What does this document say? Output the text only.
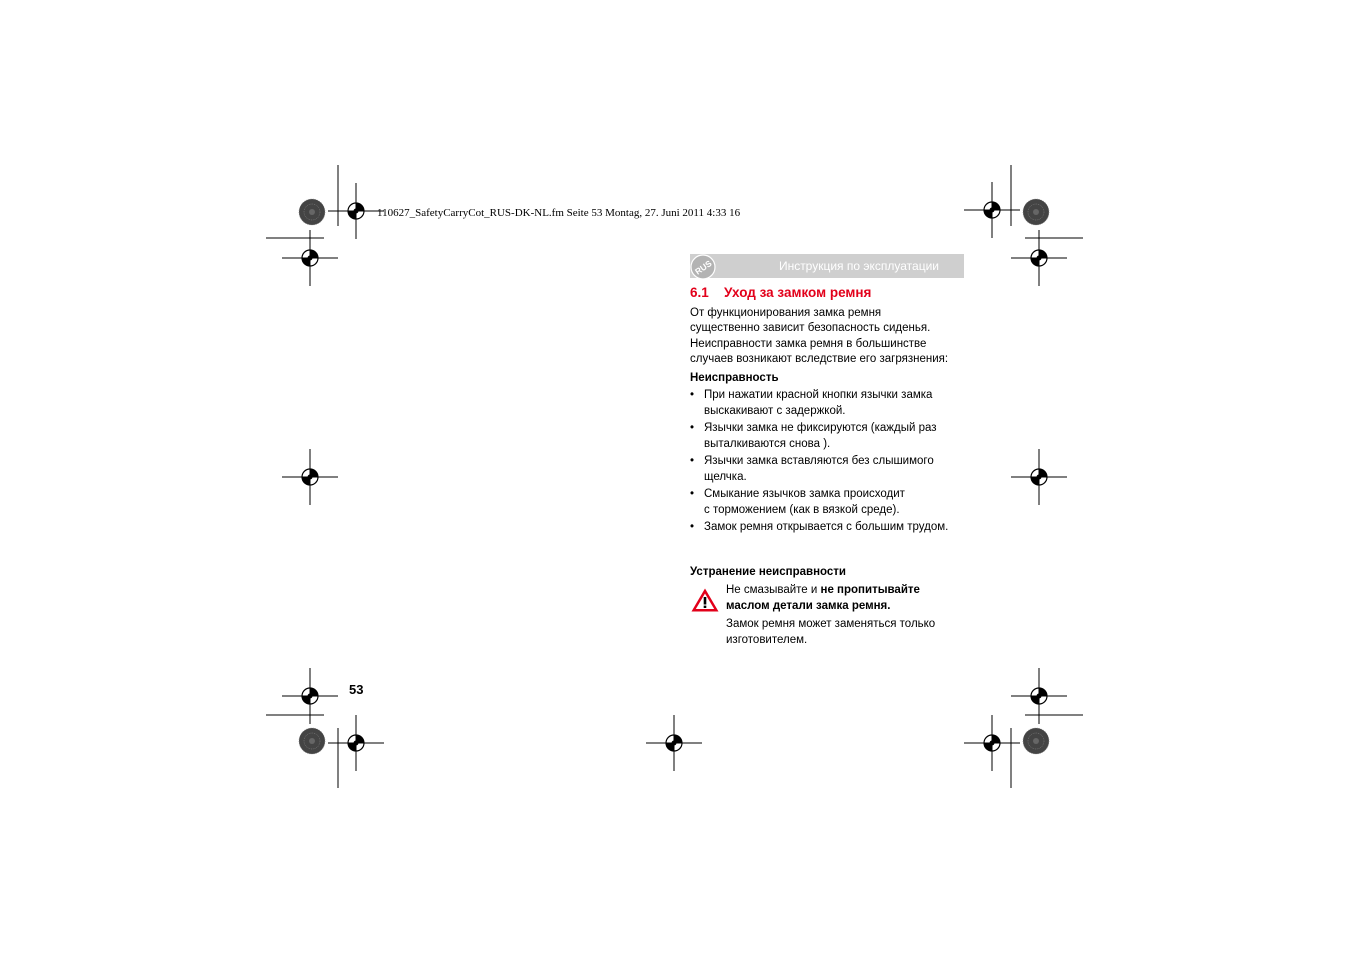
110627_SafetyCarryCot_RUS-DK-NL.fm Seite 53 Montag, 27. Juni 2011 4:33 16
Инструкция по эксплуатации
RUS
6.1 Уход за замком ремня

От функционирования замка ремня
существенно зависит безопасность сиденья.
Неисправности замка ремня в большинстве
случаев возникают вследствие его загрязнения:

Неисправность
• При нажатии красной кнопки язычки замка
выскакивают с задержкой.
• Язычки замка не фиксируются (каждый раз
выталкиваются снова ).
• Язычки замка вставляются без слышимого
щелчка.
• Смыкание язычков замка происходит
с торможением (как в вязкой среде).
• Замок ремня открывается с большим трудом.
Устранение неисправности

Не смазывайте и не пропитывайте
маслом детали замка ремня.

Замок ремня может заменяться только
изготовителем.

53
